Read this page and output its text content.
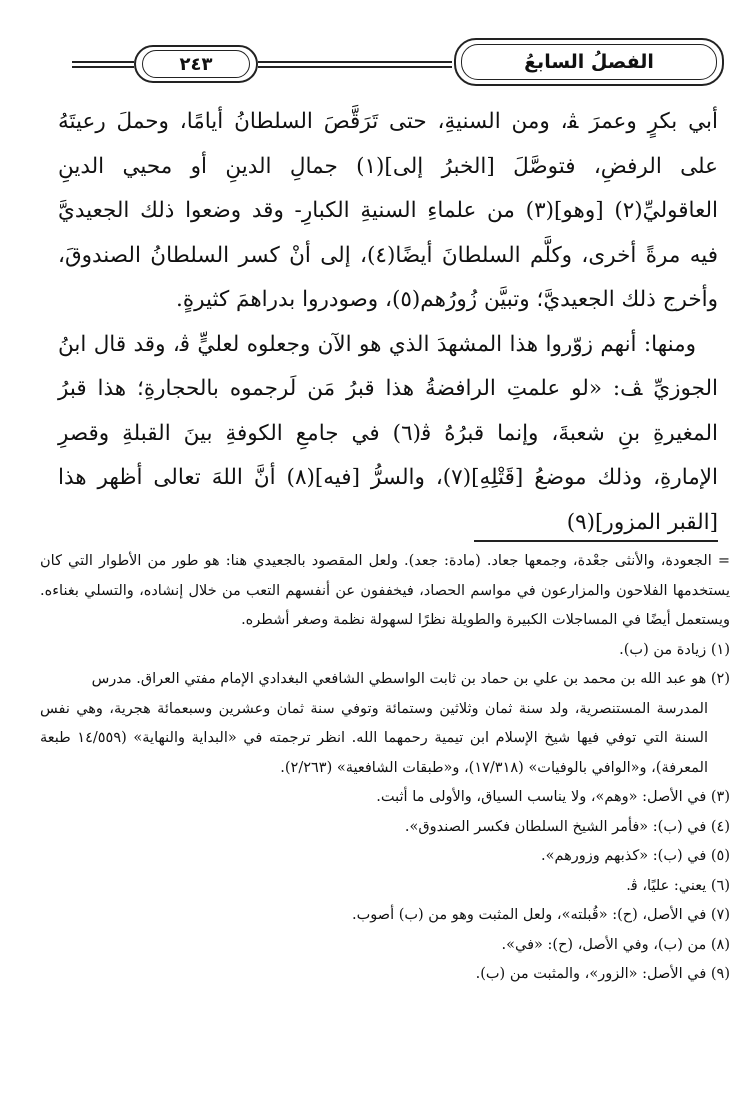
٢٤٣	الفصلُ السابعُ

أبي بكرٍ وعمرَ ﭭ، ومن السنيةِ، حتى تَرَقَّصَ السلطانُ أيامًا، وحملَ رعيتَهُ على الرفضِ، فتوصَّلَ [الخبرُ إلى](١) جمالِ الدينِ أو محيي الدينِ العاقوليِّ(٢) [وهو](٣) من علماءِ السنيةِ الكبارِ- وقد وضعوا ذلك الجعيديَّ فيه مرةً أخرى، وكلَّم السلطانَ أيضًا(٤)، إلى أنْ كسر السلطانُ الصندوقَ، وأخرج ذلك الجعيديَّ؛ وتبيَّن زُورُهم(٥)، وصودروا بدراهمَ كثيرةٍ.

ومنها: أنهم زوّروا هذا المشهدَ الذي هو الآن وجعلوه لعليٍّ ﭬ، وقد قال ابنُ الجوزيِّ ﭫ: «لو علمتِ الرافضةُ هذا قبرُ مَن لَرجموه بالحجارةِ؛ هذا قبرُ المغيرةِ بنِ شعبةَ، وإنما قبرُهُ ﭬ(٦) في جامعِ الكوفةِ بينَ القبلةِ وقصرِ الإمارةِ، وذلك موضعُ [قَتْلِهِ](٧)، والسرُّ [فيه](٨) أنَّ اللهَ تعالى أظهر هذا [القبر المزور](٩)

= الجعودة، والأنثى جعْدة، وجمعها جعاد. (مادة: جعد). ولعل المقصود بالجعيدي هنا: هو طور من الأطوار التي كان يستخدمها الفلاحون والمزارعون في مواسم الحصاد، فيخففون عن أنفسهم التعب من خلال إنشاده، والتسلي بغناءه. ويستعمل أيضًا في المساجلات الكبيرة والطويلة نظرًا لسهولة نظمة وصغر أشطره.

(١) زيادة من (ب).

(٢) هو عبد الله بن محمد بن علي بن حماد بن ثابت الواسطي الشافعي البغدادي الإمام مفتي العراق. مدرس
المدرسة المستنصرية، ولد سنة ثمان وثلاثين وستمائة وتوفي سنة ثمان وعشرين وسبعمائة هجرية، وهي نفس السنة التي توفي فيها شيخ الإسلام ابن تيمية رحمهما الله. انظر ترجمته في «البداية والنهاية» (١٤/٥٥٩ طبعة المعرفة)، و«الوافي بالوفيات» (١٧/٣١٨)، و«طبقات الشافعية» (٢/٢٦٣).

(٣) في الأصل: «وهم»، ولا يناسب السياق، والأولى ما أثبت.

(٤) في (ب): «فأمر الشيخ السلطان فكسر الصندوق».

(٥) في (ب): «كذبهم وزورهم».

(٦) يعني: عليًا، ﭬ.

(٧) في الأصل، (ح): «قُبلته»، ولعل المثبت وهو من (ب) أصوب.

(٨) من (ب)، وفي الأصل، (ح): «في».

(٩) في الأصل: «الزور»، والمثبت من (ب).
